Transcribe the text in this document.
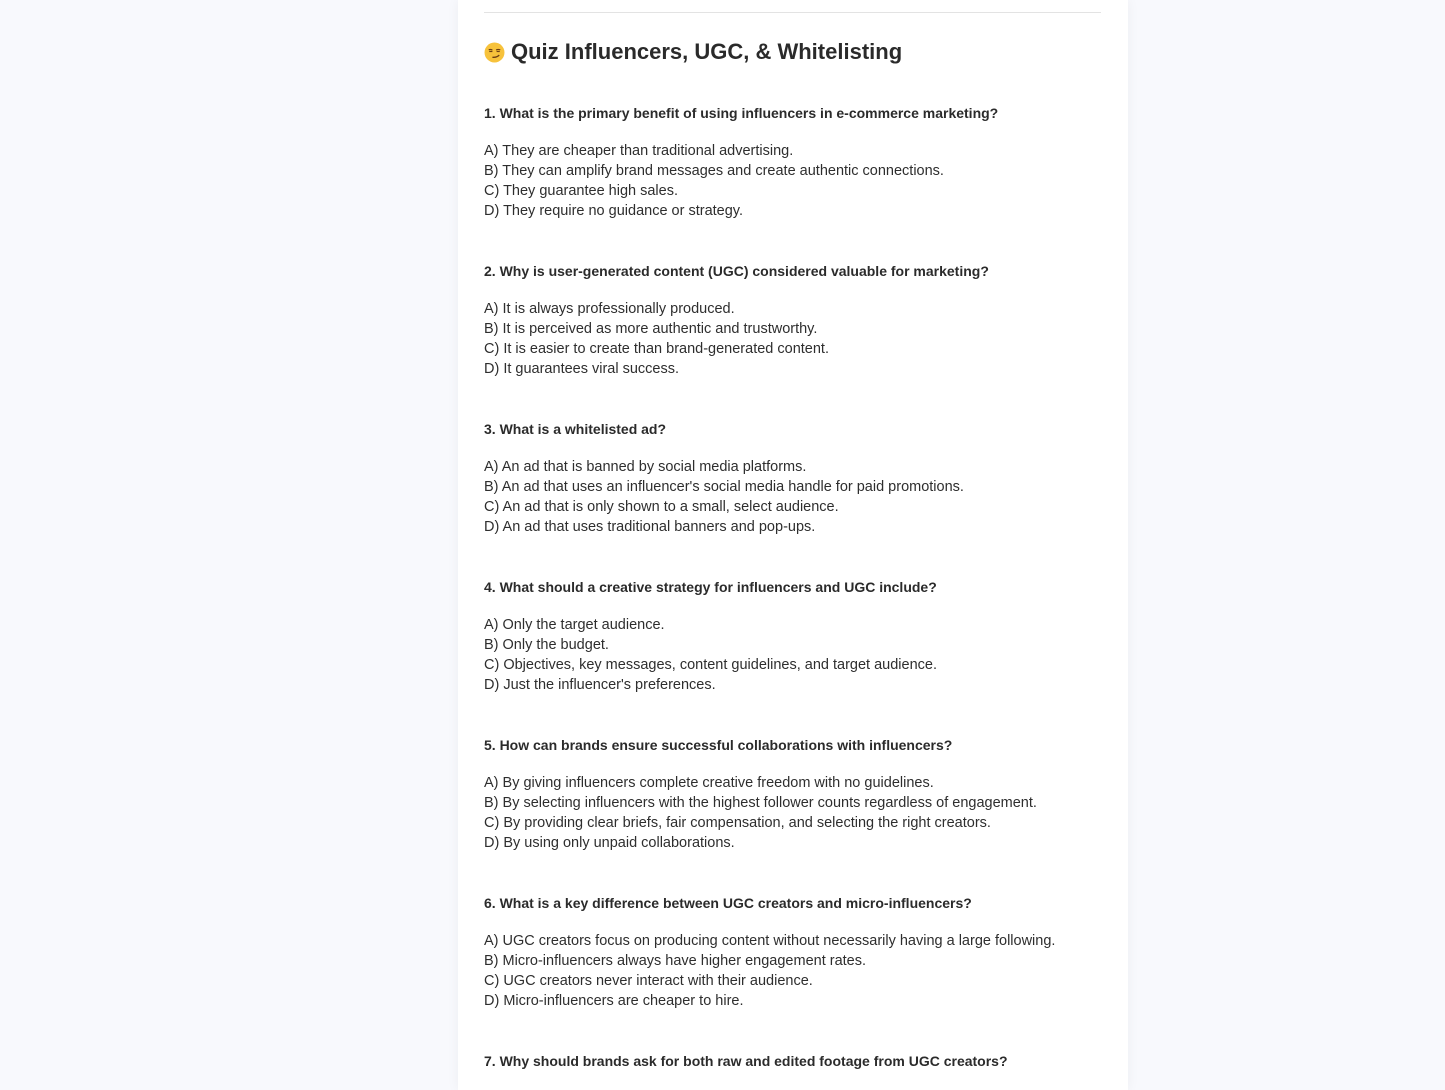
Quiz Influencers, UGC, & Whitelisting
1. What is the primary benefit of using influencers in e-commerce marketing?
A) They are cheaper than traditional advertising.
B) They can amplify brand messages and create authentic connections.
C) They guarantee high sales.
D) They require no guidance or strategy.
2. Why is user-generated content (UGC) considered valuable for marketing?
A) It is always professionally produced.
B) It is perceived as more authentic and trustworthy.
C) It is easier to create than brand-generated content.
D) It guarantees viral success.
3. What is a whitelisted ad?
A) An ad that is banned by social media platforms.
B) An ad that uses an influencer's social media handle for paid promotions.
C) An ad that is only shown to a small, select audience.
D) An ad that uses traditional banners and pop-ups.
4. What should a creative strategy for influencers and UGC include?
A) Only the target audience.
B) Only the budget.
C) Objectives, key messages, content guidelines, and target audience.
D) Just the influencer's preferences.
5. How can brands ensure successful collaborations with influencers?
A) By giving influencers complete creative freedom with no guidelines.
B) By selecting influencers with the highest follower counts regardless of engagement.
C) By providing clear briefs, fair compensation, and selecting the right creators.
D) By using only unpaid collaborations.
6. What is a key difference between UGC creators and micro-influencers?
A) UGC creators focus on producing content without necessarily having a large following.
B) Micro-influencers always have higher engagement rates.
C) UGC creators never interact with their audience.
D) Micro-influencers are cheaper to hire.
7. Why should brands ask for both raw and edited footage from UGC creators?
